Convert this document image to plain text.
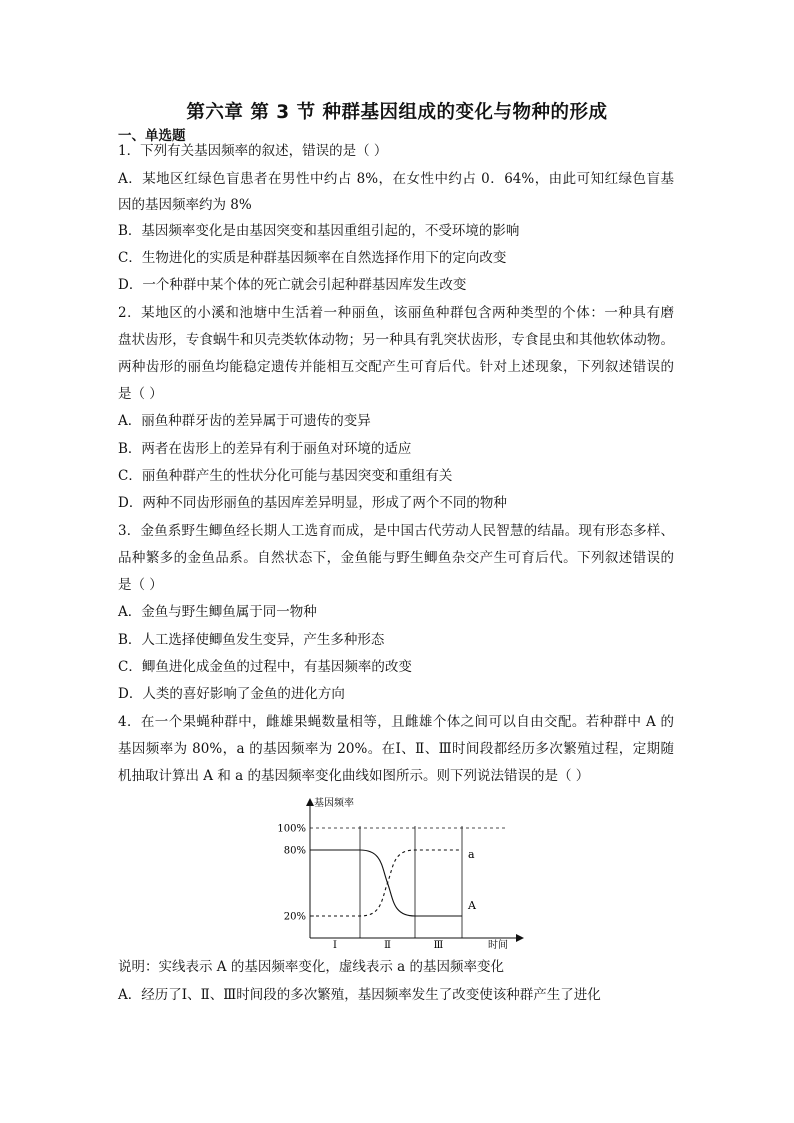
第六章 第 3 节 种群基因组成的变化与物种的形成
一、单选题
1．下列有关基因频率的叙述，错误的是（ ）
A．某地区红绿色盲患者在男性中约占 8%，在女性中约占 0．64%，由此可知红绿色盲基
因的基因频率约为 8%
B．基因频率变化是由基因突变和基因重组引起的，不受环境的影响
C．生物进化的实质是种群基因频率在自然选择作用下的定向改变
D．一个种群中某个体的死亡就会引起种群基因库发生改变
2．某地区的小溪和池塘中生活着一种丽鱼，该丽鱼种群包含两种类型的个体：一种具有磨
盘状齿形，专食蜗牛和贝壳类软体动物；另一种具有乳突状齿形，专食昆虫和其他软体动物。
两种齿形的丽鱼均能稳定遗传并能相互交配产生可育后代。针对上述现象，下列叙述错误的
是（ ）
A．丽鱼种群牙齿的差异属于可遗传的变异
B．两者在齿形上的差异有利于丽鱼对环境的适应
C．丽鱼种群产生的性状分化可能与基因突变和重组有关
D．两种不同齿形丽鱼的基因库差异明显，形成了两个不同的物种
3．金鱼系野生鲫鱼经长期人工选育而成，是中国古代劳动人民智慧的结晶。现有形态多样、
品种繁多的金鱼品系。自然状态下，金鱼能与野生鲫鱼杂交产生可育后代。下列叙述错误的
是（ ）
A．金鱼与野生鲫鱼属于同一物种
B．人工选择使鲫鱼发生变异，产生多种形态
C．鲫鱼进化成金鱼的过程中，有基因频率的改变
D．人类的喜好影响了金鱼的进化方向
4．在一个果蝇种群中，雌雄果蝇数量相等，且雌雄个体之间可以自由交配。若种群中 A 的
基因频率为 80%，a 的基因频率为 20%。在Ⅰ、Ⅱ、Ⅲ时间段都经历多次繁殖过程，定期随
机抽取计算出 A 和 a 的基因频率变化曲线如图所示。则下列说法错误的是（ ）
基因频率
时间
100%
80%
20%
Ⅰ	Ⅱ	Ⅲ
a
A
说明：实线表示 A 的基因频率变化，虚线表示 a 的基因频率变化
A．经历了Ⅰ、Ⅱ、Ⅲ时间段的多次繁殖，基因频率发生了改变使该种群产生了进化
